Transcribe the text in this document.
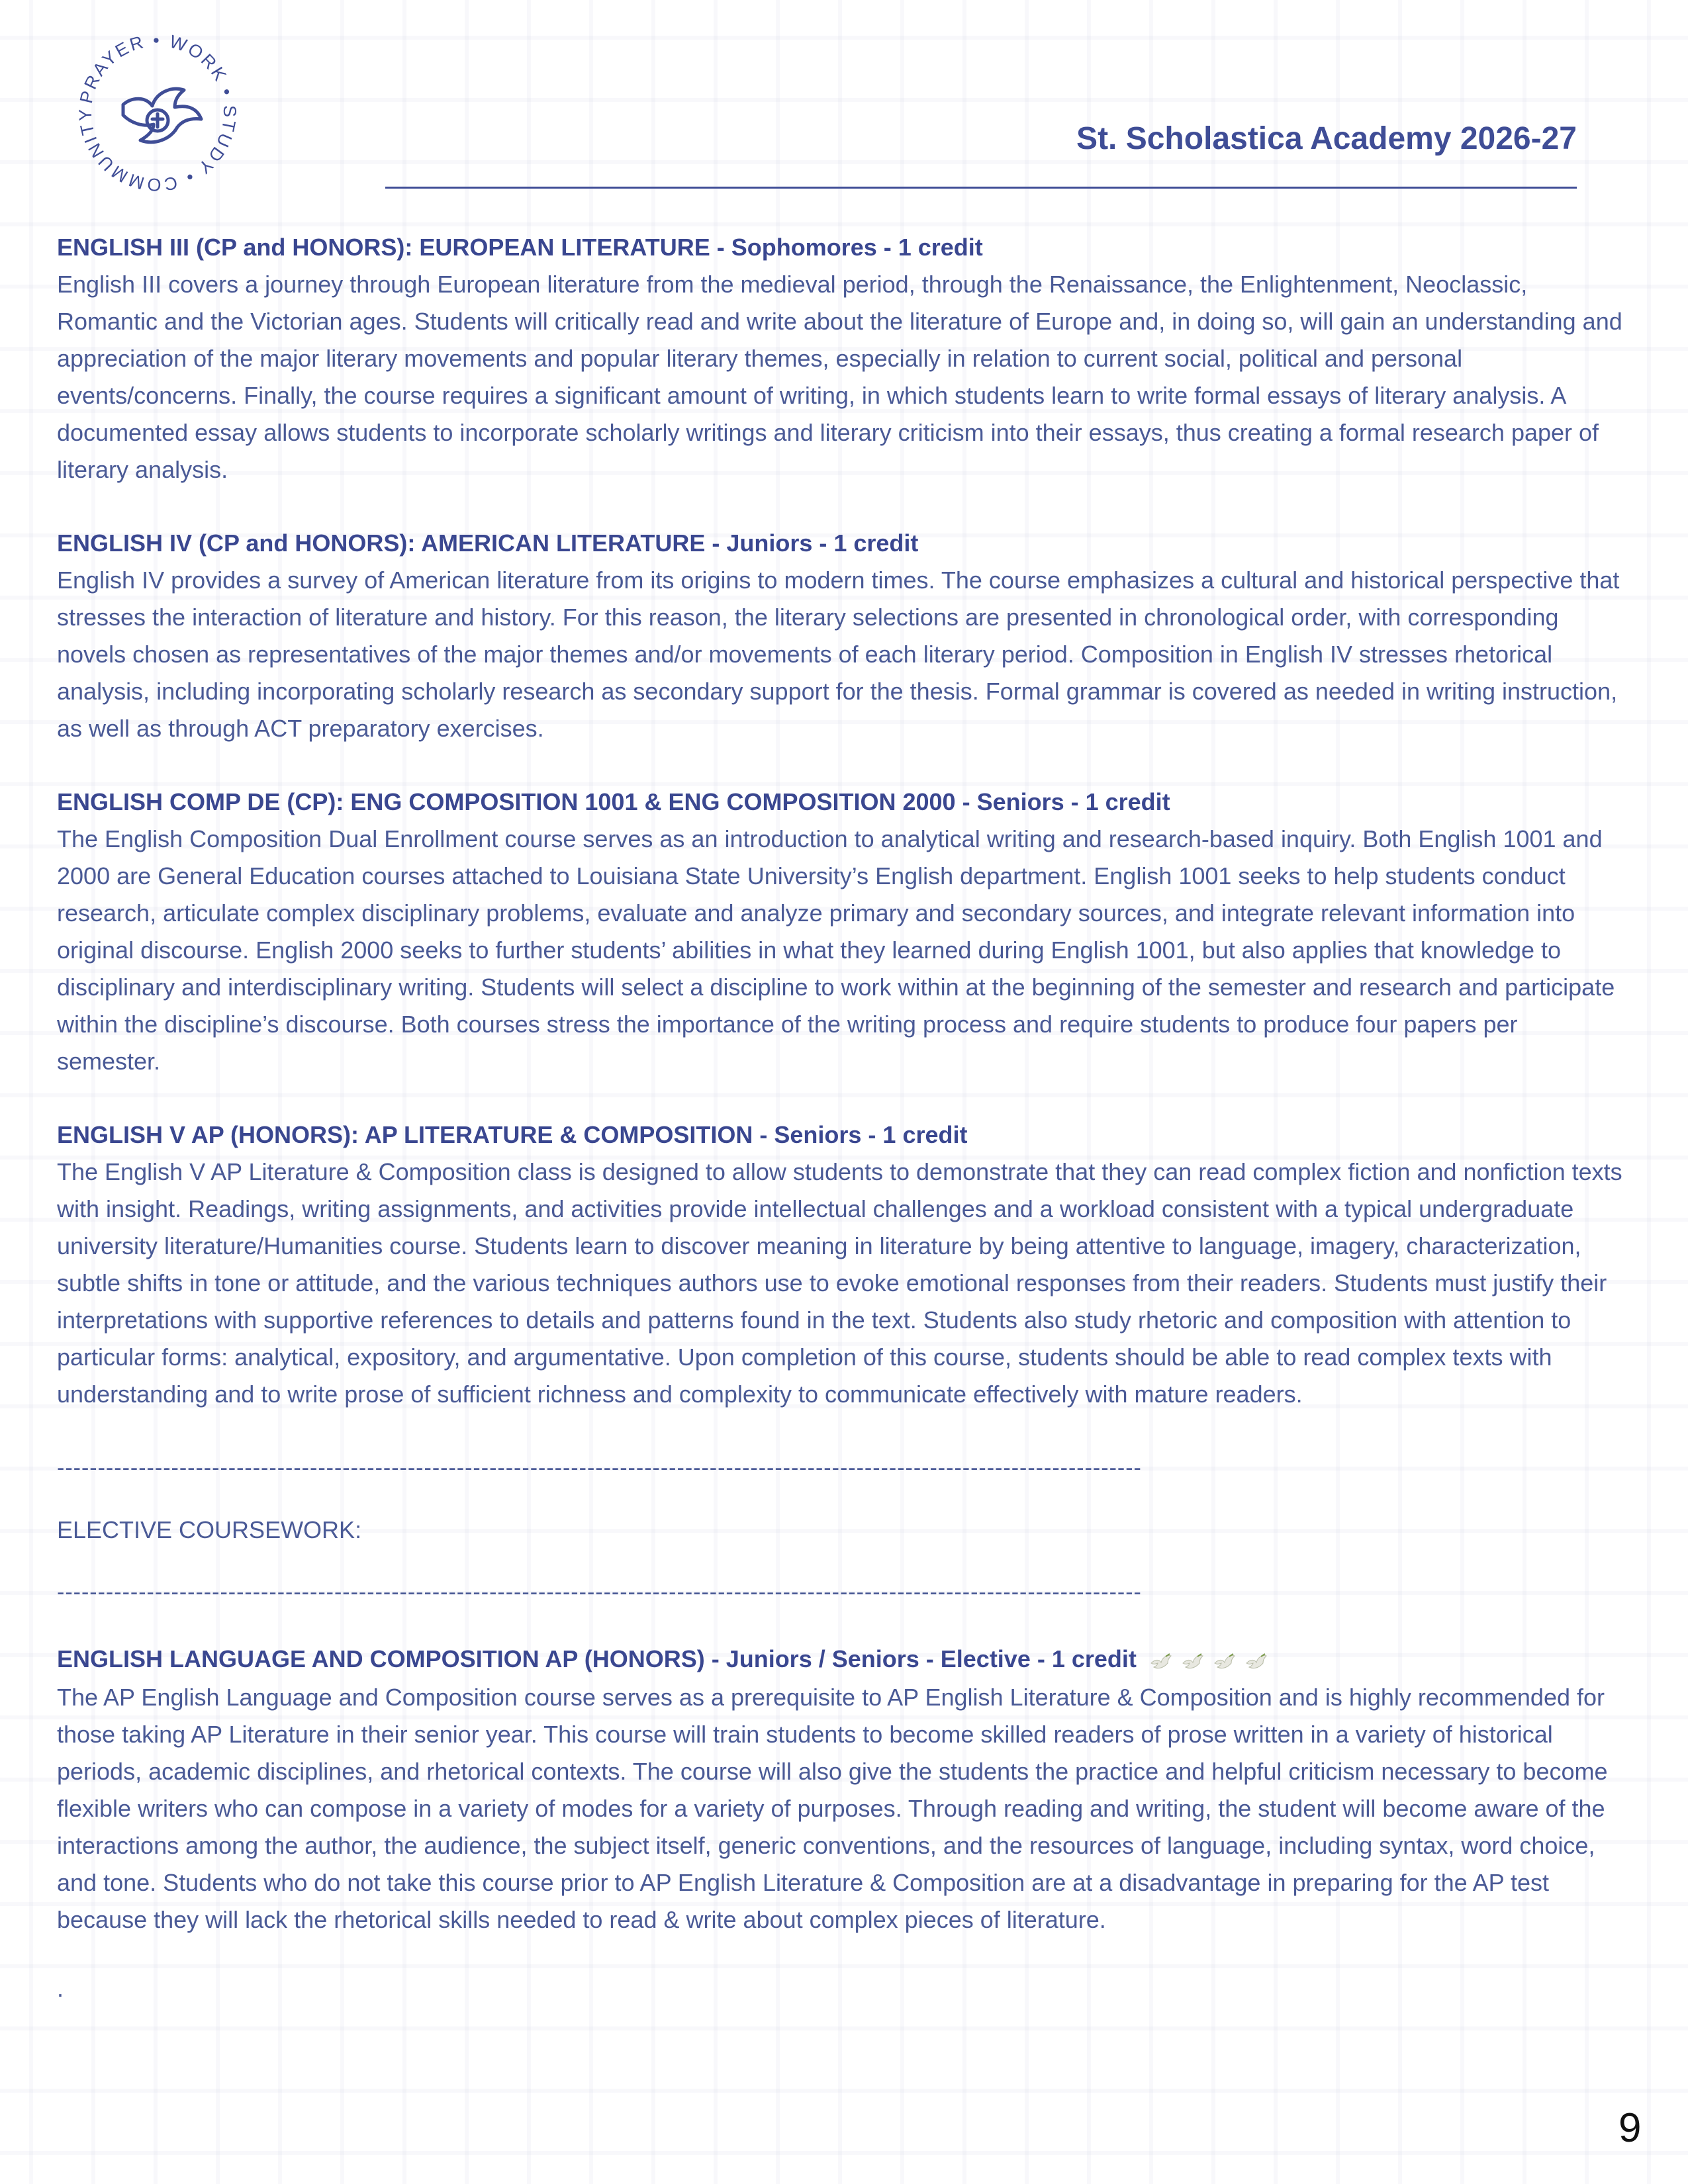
PRAYER • WORK • STUDY • COMMUNITY
St. Scholastica Academy 2026-27
ENGLISH III (CP and HONORS): EUROPEAN LITERATURE - Sophomores - 1 credit
English III covers a journey through European literature from the medieval period, through the Renaissance, the Enlightenment, Neoclassic, Romantic and the Victorian ages. Students will critically read and write about the literature of Europe and, in doing so, will gain an understanding and appreciation of the major literary movements and popular literary themes, especially in relation to current social, political and personal events/concerns. Finally, the course requires a significant amount of writing, in which students learn to write formal essays of literary analysis. A documented essay allows students to incorporate scholarly writings and literary criticism into their essays, thus creating a formal research paper of literary analysis.
ENGLISH IV (CP and HONORS): AMERICAN LITERATURE - Juniors - 1 credit
English IV provides a survey of American literature from its origins to modern times. The course emphasizes a cultural and historical perspective that stresses the interaction of literature and history. For this reason, the literary selections are presented in chronological order, with corresponding novels chosen as representatives of the major themes and/or movements of each literary period. Composition in English IV stresses rhetorical analysis, including incorporating scholarly research as secondary support for the thesis. Formal grammar is covered as needed in writing instruction, as well as through ACT preparatory exercises.
ENGLISH COMP DE (CP): ENG COMPOSITION 1001 & ENG COMPOSITION 2000 - Seniors - 1 credit
The English Composition Dual Enrollment course serves as an introduction to analytical writing and research-based inquiry. Both English 1001 and 2000 are General Education courses attached to Louisiana State University’s English department. English 1001 seeks to help students conduct research, articulate complex disciplinary problems, evaluate and analyze primary and secondary sources, and integrate relevant information into original discourse. English 2000 seeks to further students’ abilities in what they learned during English 1001, but also applies that knowledge to disciplinary and interdisciplinary writing. Students will select a discipline to work within at the beginning of the semester and research and participate within the discipline’s discourse. Both courses stress the importance of the writing process and require students to produce four papers per semester.
ENGLISH V AP (HONORS): AP LITERATURE & COMPOSITION - Seniors - 1 credit
The English V AP Literature & Composition class is designed to allow students to demonstrate that they can read complex fiction and nonfiction texts with insight. Readings, writing assignments, and activities provide intellectual challenges and a workload consistent with a typical undergraduate university literature/Humanities course. Students learn to discover meaning in literature by being attentive to language, imagery, characterization, subtle shifts in tone or attitude, and the various techniques authors use to evoke emotional responses from their readers. Students must justify their interpretations with supportive references to details and patterns found in the text. Students also study rhetoric and composition with attention to particular forms: analytical, expository, and argumentative. Upon completion of this course, students should be able to read complex texts with understanding and to write prose of sufficient richness and complexity to communicate effectively with mature readers.
-------------------------------------------------------------------------------------------------------------------------------------
ELECTIVE COURSEWORK:
-------------------------------------------------------------------------------------------------------------------------------------
ENGLISH LANGUAGE AND COMPOSITION AP (HONORS) - Juniors / Seniors - Elective - 1 credit
The AP English Language and Composition course serves as a prerequisite to AP English Literature & Composition and is highly recommended for those taking AP Literature in their senior year. This course will train students to become skilled readers of prose written in a variety of historical periods, academic disciplines, and rhetorical contexts. The course will also give the students the practice and helpful criticism necessary to become flexible writers who can compose in a variety of modes for a variety of purposes. Through reading and writing, the student will become aware of the interactions among the author, the audience, the subject itself, generic conventions, and the resources of language, including syntax, word choice, and tone. Students who do not take this course prior to AP English Literature & Composition are at a disadvantage in preparing for the AP test because they will lack the rhetorical skills needed to read & write about complex pieces of literature.
.
9
